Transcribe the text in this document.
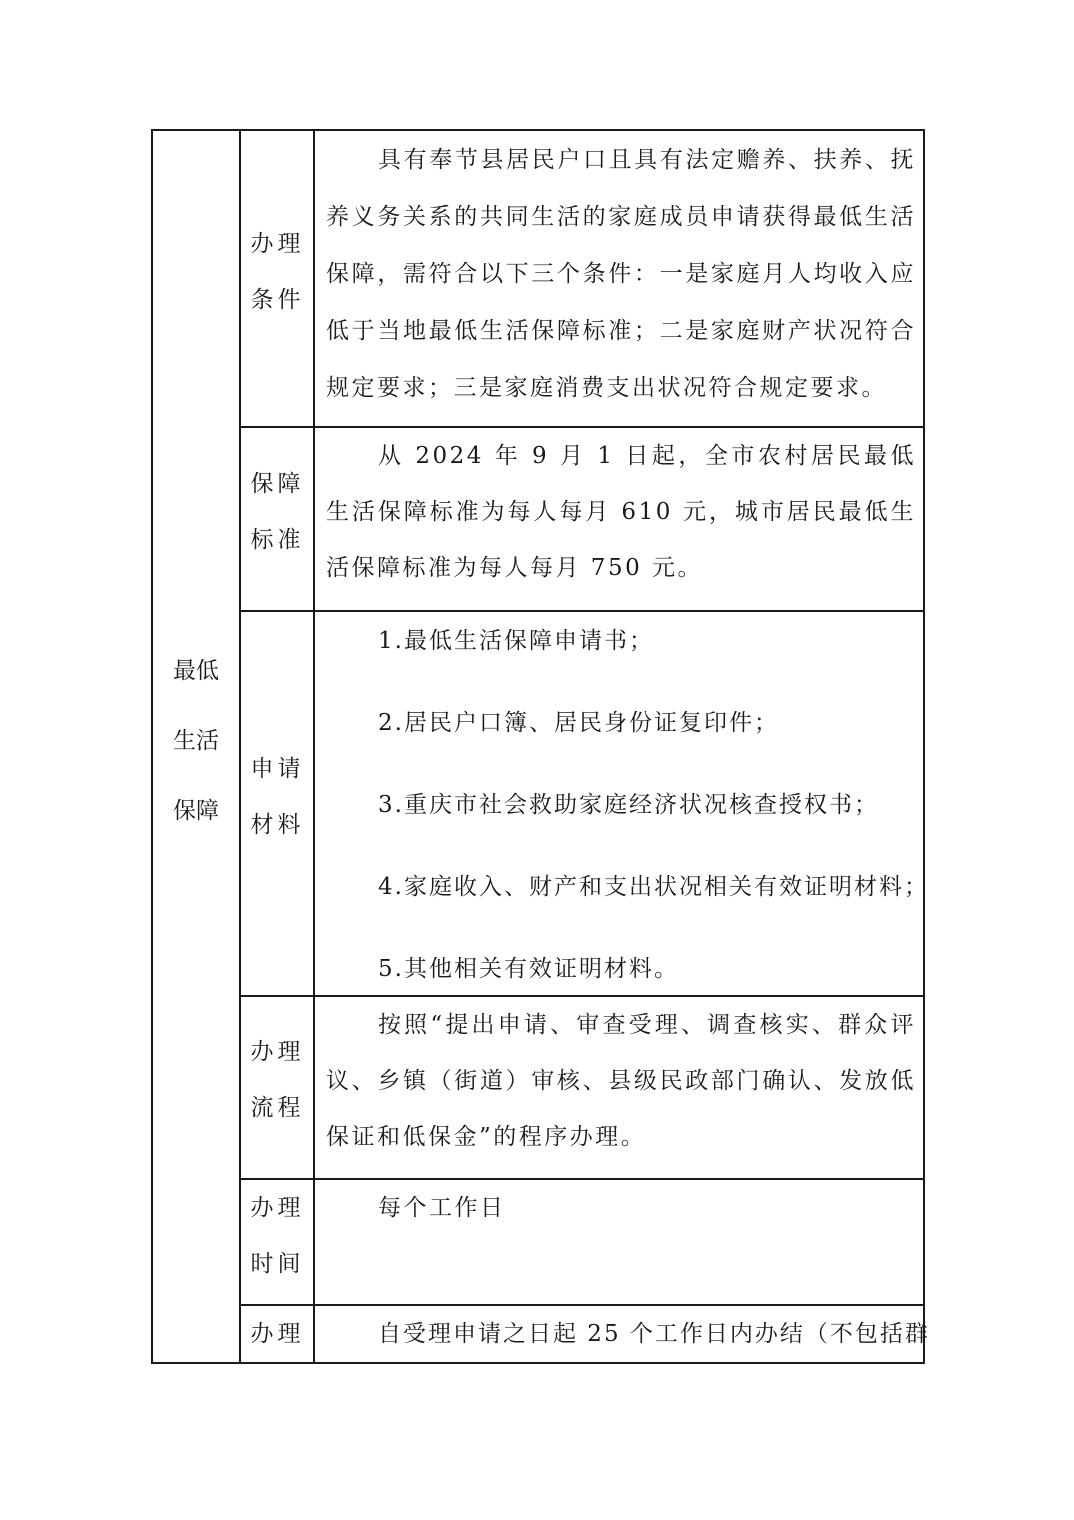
最低
生活
保障
办理
条件

具有奉节县居民户口且具有法定赡养、扶养、抚养义务关系的共同生活的家庭成员申请获得最低生活保障，需符合以下三个条件：一是家庭月人均收入应低于当地最低生活保障标准；二是家庭财产状况符合规定要求；三是家庭消费支出状况符合规定要求。

保障
标准

从 2024 年 9 月 1 日起，全市农村居民最低生活保障标准为每人每月 610 元，城市居民最低生活保障标准为每人每月 750 元。

申请
材料
1.最低生活保障申请书；
2.居民户口簿、居民身份证复印件；
3.重庆市社会救助家庭经济状况核查授权书；
4.家庭收入、财产和支出状况相关有效证明材料；
5.其他相关有效证明材料。
办理
流程

按照“提出申请、审查受理、调查核实、群众评议、乡镇（街道）审核、县级民政部门确认、发放低保证和低保金”的程序办理。

办理
时间

每个工作日

办理	自受理申请之日起 25 个工作日内办结（不包括群
